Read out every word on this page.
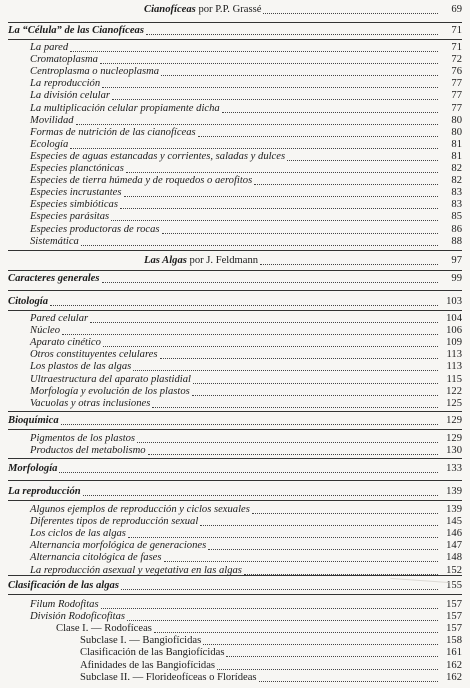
Cianofíceas por P.P. Grassé	69
La “Célula” de las Cianofíceas	71
La pared	71
Cromatoplasma	72
Centroplasma o nucleoplasma	76
La reproducción	77
La división celular	77
La multiplicación celular propiamente dicha	77
Movilidad	80
Formas de nutrición de las cianofíceas	80
Ecología	81
Especies de aguas estancadas y corrientes, saladas y dulces	81
Especies planctónicas	82
Especies de tierra húmeda y de roquedos o aerofitos	82
Especies incrustantes	83
Especies simbióticas	83
Especies parásitas	85
Especies productoras de rocas	86
Sistemática	88
Las Algas por J. Feldmann	97
Caracteres generales	99
Citología	103
Pared celular	104
Núcleo	106
Aparato cinético	109
Otros constituyentes celulares	113
Los plastos de las algas	113
Ultraestructura del aparato plastidial	115
Morfología y evolución de los plastos	122
Vacuolas y otras inclusiones	125
Bioquímica	129
Pigmentos de los plastos	129
Productos del metabolismo	130
Morfología	133
La reproducción	139
Algunos ejemplos de reproducción y ciclos sexuales	139
Diferentes tipos de reproducción sexual	145
Los ciclos de las algas	146
Alternancia morfológica de generaciones	147
Alternancia citológica de fases	148
La reproducción asexual y vegetativa en las algas	152
Clasificación de las algas	155
Filum Rodofitas	157
División Rodoficofitas	157
Clase I. — Rodofíceas	157
Subclase I. — Bangiofícidas	158
Clasificación de las Bangiofícidas	161
Afinidades de las Bangiofícidas	162
Subclase II. — Florideofíceas o Florídeas	162
